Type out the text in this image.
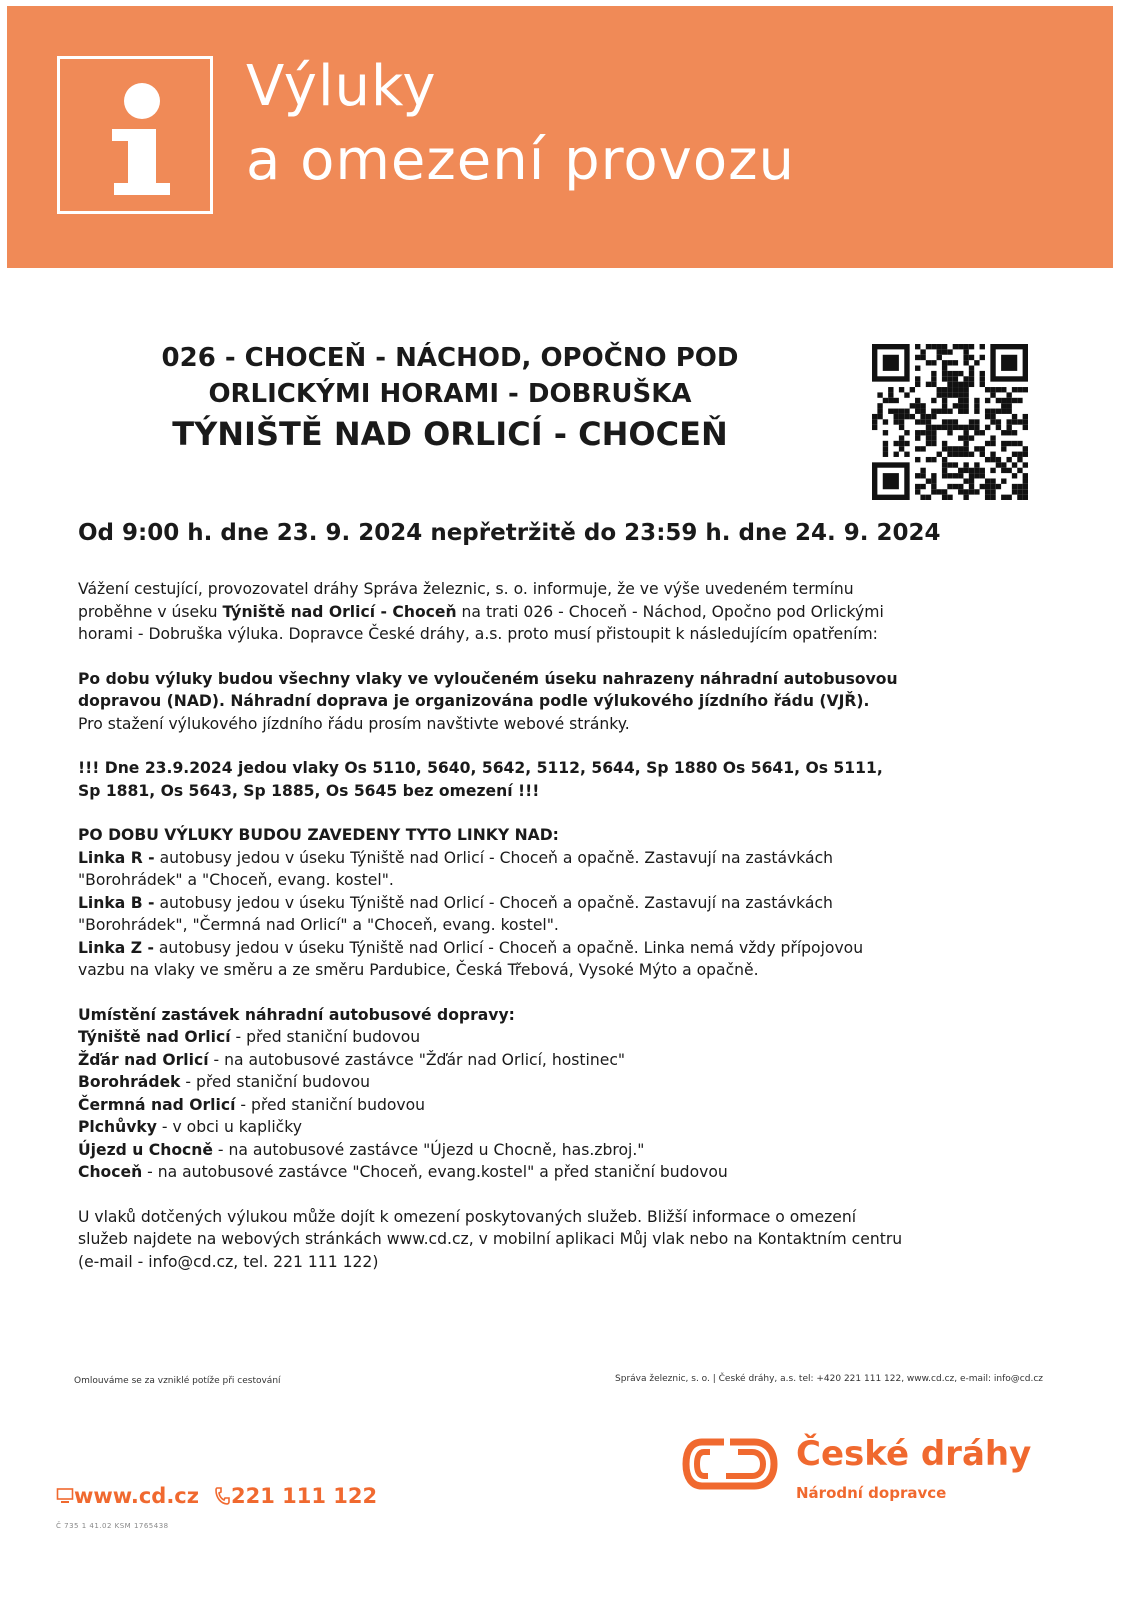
Výluky
a omezení provozu
026 - CHOCEŇ - NÁCHOD, OPOČNO POD
ORLICKÝMI HORAMI - DOBRUŠKA
TÝNIŠTĚ NAD ORLICÍ - CHOCEŇ
Od 9:00 h. dne 23. 9. 2024 nepřetržitě do 23:59 h. dne 24. 9. 2024

Vážení cestující, provozovatel dráhy Správa železnic, s. o. informuje, že ve výše uvedeném termínu
proběhne v úseku Týniště nad Orlicí - Choceň na trati 026 - Choceň - Náchod, Opočno pod Orlickými
horami - Dobruška výluka. Dopravce České dráhy, a.s. proto musí přistoupit k následujícím opatřením:

Po dobu výluky budou všechny vlaky ve vyloučeném úseku nahrazeny náhradní autobusovou
dopravou (NAD). Náhradní doprava je organizována podle výlukového jízdního řádu (VJŘ).
Pro stažení výlukového jízdního řádu prosím navštivte webové stránky.

!!! Dne 23.9.2024 jedou vlaky Os 5110, 5640, 5642, 5112, 5644, Sp 1880 Os 5641, Os 5111,
Sp 1881, Os 5643, Sp 1885, Os 5645 bez omezení !!!

PO DOBU VÝLUKY BUDOU ZAVEDENY TYTO LINKY NAD:
Linka R - autobusy jedou v úseku Týniště nad Orlicí - Choceň a opačně. Zastavují na zastávkách
"Borohrádek" a "Choceň, evang. kostel".
Linka B - autobusy jedou v úseku Týniště nad Orlicí - Choceň a opačně. Zastavují na zastávkách
"Borohrádek", "Čermná nad Orlicí" a "Choceň, evang. kostel".
Linka Z - autobusy jedou v úseku Týniště nad Orlicí - Choceň a opačně. Linka nemá vždy přípojovou
vazbu na vlaky ve směru a ze směru Pardubice, Česká Třebová, Vysoké Mýto a opačně.

Umístění zastávek náhradní autobusové dopravy:
Týniště nad Orlicí - před staniční budovou
Žďár nad Orlicí - na autobusové zastávce "Žďár nad Orlicí, hostinec"
Borohrádek - před staniční budovou
Čermná nad Orlicí - před staniční budovou
Plchůvky - v obci u kapličky
Újezd u Chocně - na autobusové zastávce "Újezd u Chocně, has.zbroj."
Choceň - na autobusové zastávce "Choceň, evang.kostel" a před staniční budovou

U vlaků dotčených výlukou může dojít k omezení poskytovaných služeb. Bližší informace o omezení
služeb najdete na webových stránkách www.cd.cz, v mobilní aplikaci Můj vlak nebo na Kontaktním centru
(e-mail - info@cd.cz, tel. 221 111 122)

Omlouváme se za vzniklé potíže při cestování	Správa železnic, s. o. | České dráhy, a.s. tel: +420 221 111 122, www.cd.cz, e-mail: info@cd.cz
www.cd.cz 221 111 122
Č 735 1 41.02 KSM 1765438
České dráhy
Národní dopravce
